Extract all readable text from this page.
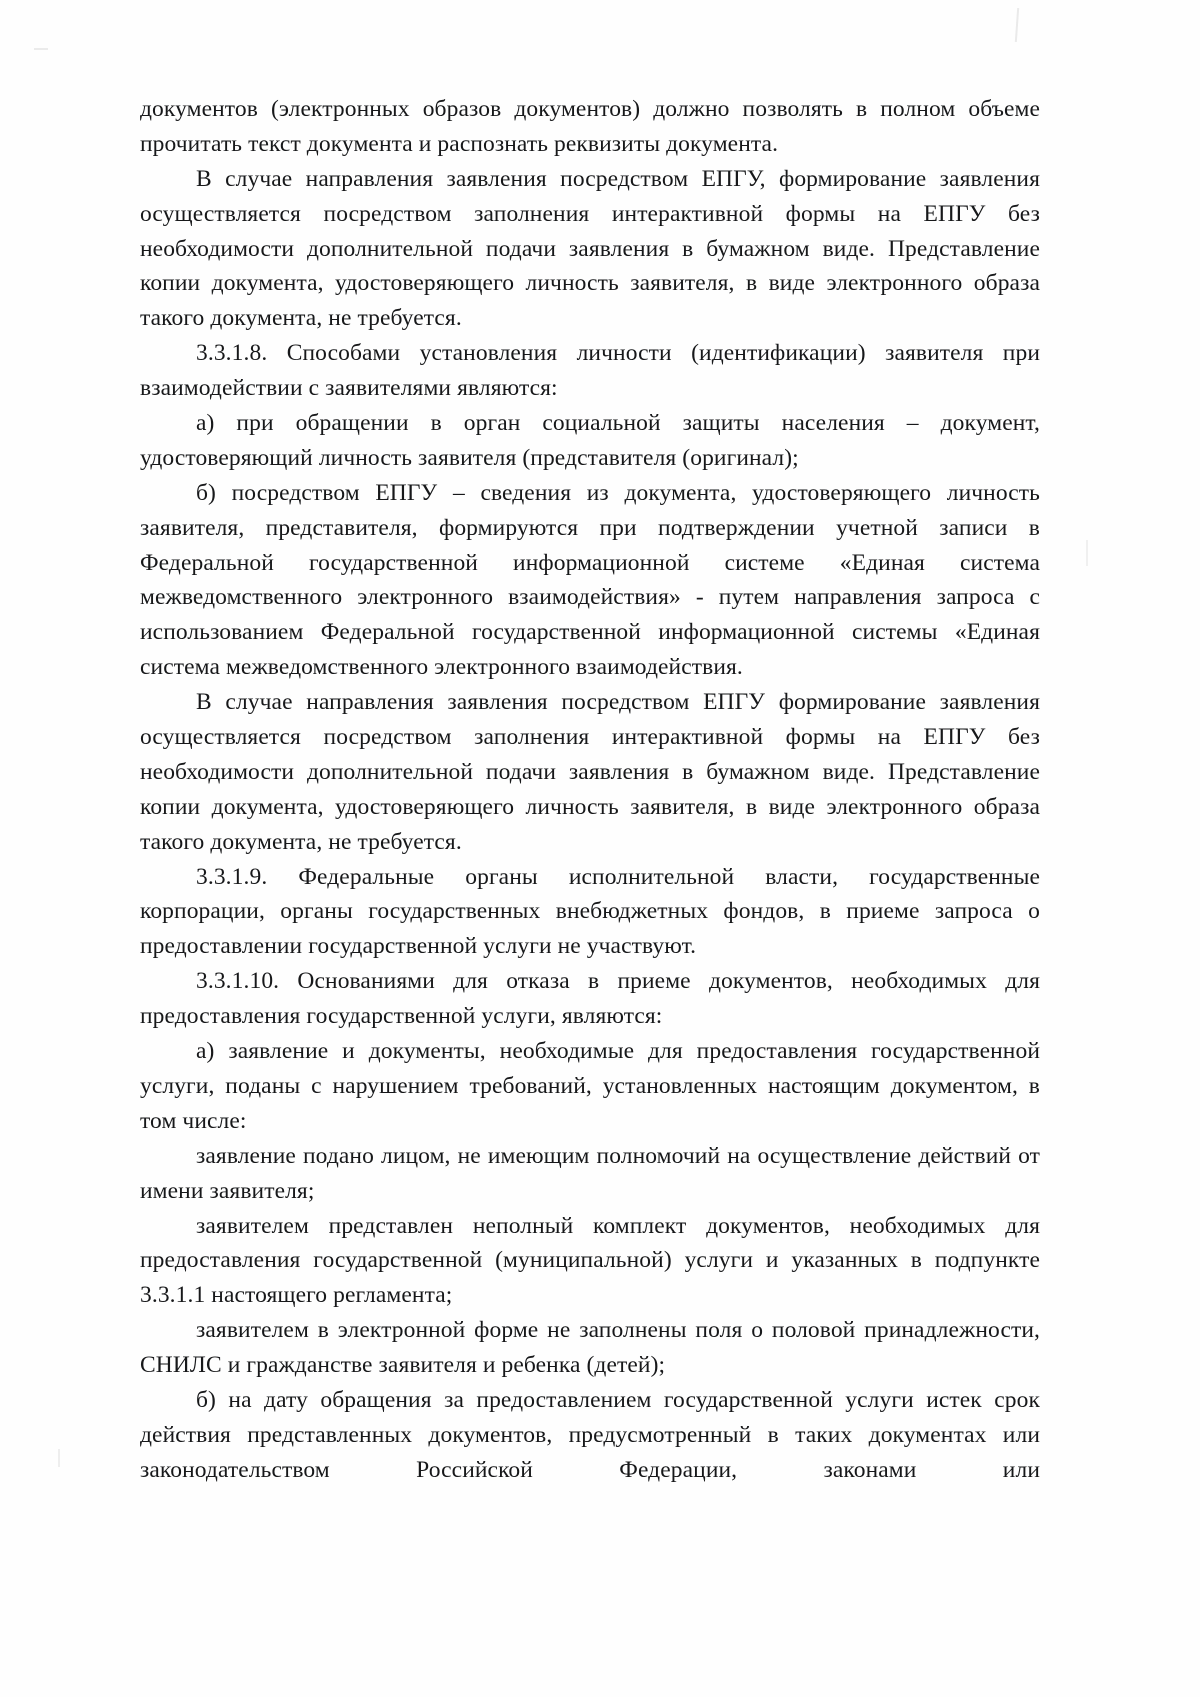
документов (электронных образов документов) должно позволять в полном объеме прочитать текст документа и распознать реквизиты документа.

В случае направления заявления посредством ЕПГУ, формирование заявления осуществляется посредством заполнения интерактивной формы на ЕПГУ без необходимости дополнительной подачи заявления в бумажном виде. Представление копии документа, удостоверяющего личность заявителя, в виде электронного образа такого документа, не требуется.

3.3.1.8. Способами установления личности (идентификации) заявителя при взаимодействии с заявителями являются:

а) при обращении в орган социальной защиты населения – документ, удостоверяющий личность заявителя (представителя (оригинал);

б) посредством ЕПГУ – сведения из документа, удостоверяющего личность заявителя, представителя, формируются при подтверждении учетной записи в Федеральной государственной информационной системе «Единая система межведомственного электронного взаимодействия» - путем направления запроса с использованием Федеральной государственной информационной системы «Единая система межведомственного электронного взаимодействия.

В случае направления заявления посредством ЕПГУ формирование заявления осуществляется посредством заполнения интерактивной формы на ЕПГУ без необходимости дополнительной подачи заявления в бумажном виде. Представление копии документа, удостоверяющего личность заявителя, в виде электронного образа такого документа, не требуется.

3.3.1.9. Федеральные органы исполнительной власти, государственные корпорации, органы государственных внебюджетных фондов, в приеме запроса о предоставлении государственной услуги не участвуют.

3.3.1.10. Основаниями для отказа в приеме документов, необходимых для предоставления государственной услуги, являются:

а) заявление и документы, необходимые для предоставления государственной услуги, поданы с нарушением требований, установленных настоящим документом, в том числе:

заявление подано лицом, не имеющим полномочий на осуществление действий от имени заявителя;

заявителем представлен неполный комплект документов, необходимых для предоставления государственной (муниципальной) услуги и указанных в подпункте 3.3.1.1 настоящего регламента;

заявителем в электронной форме не заполнены поля о половой принадлежности, СНИЛС и гражданстве заявителя и ребенка (детей);

б) на дату обращения за предоставлением государственной услуги истек срок действия представленных документов, предусмотренный в таких документах или законодательством Российской Федерации, законами или
